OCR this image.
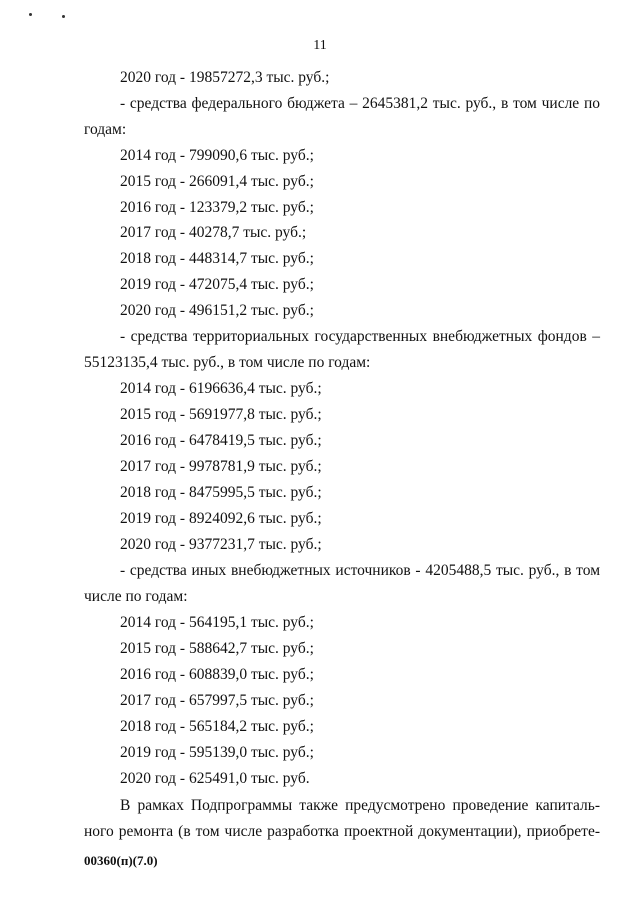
11
2020 год - 19857272,3 тыс. руб.;
- средства федерального бюджета – 2645381,2 тыс. руб., в том числе по
годам:
2014 год - 799090,6 тыс. руб.;
2015 год - 266091,4 тыс. руб.;
2016 год - 123379,2 тыс. руб.;
2017 год - 40278,7 тыс. руб.;
2018 год - 448314,7 тыс. руб.;
2019 год - 472075,4 тыс. руб.;
2020 год - 496151,2 тыс. руб.;
- средства территориальных государственных внебюджетных фондов –
55123135,4 тыс. руб., в том числе по годам:
2014 год - 6196636,4 тыс. руб.;
2015 год - 5691977,8 тыс. руб.;
2016 год - 6478419,5 тыс. руб.;
2017 год - 9978781,9 тыс. руб.;
2018 год - 8475995,5 тыс. руб.;
2019 год - 8924092,6 тыс. руб.;
2020 год - 9377231,7 тыс. руб.;
- средства иных внебюджетных источников - 4205488,5 тыс. руб., в том
числе по годам:
2014 год - 564195,1 тыс. руб.;
2015 год - 588642,7 тыс. руб.;
2016 год - 608839,0 тыс. руб.;
2017 год - 657997,5 тыс. руб.;
2018 год - 565184,2 тыс. руб.;
2019 год - 595139,0 тыс. руб.;
2020 год - 625491,0 тыс. руб.
В рамках Подпрограммы также предусмотрено проведение капиталь-
ного ремонта (в том числе разработка проектной документации), приобрете-
00360(п)(7.0)
